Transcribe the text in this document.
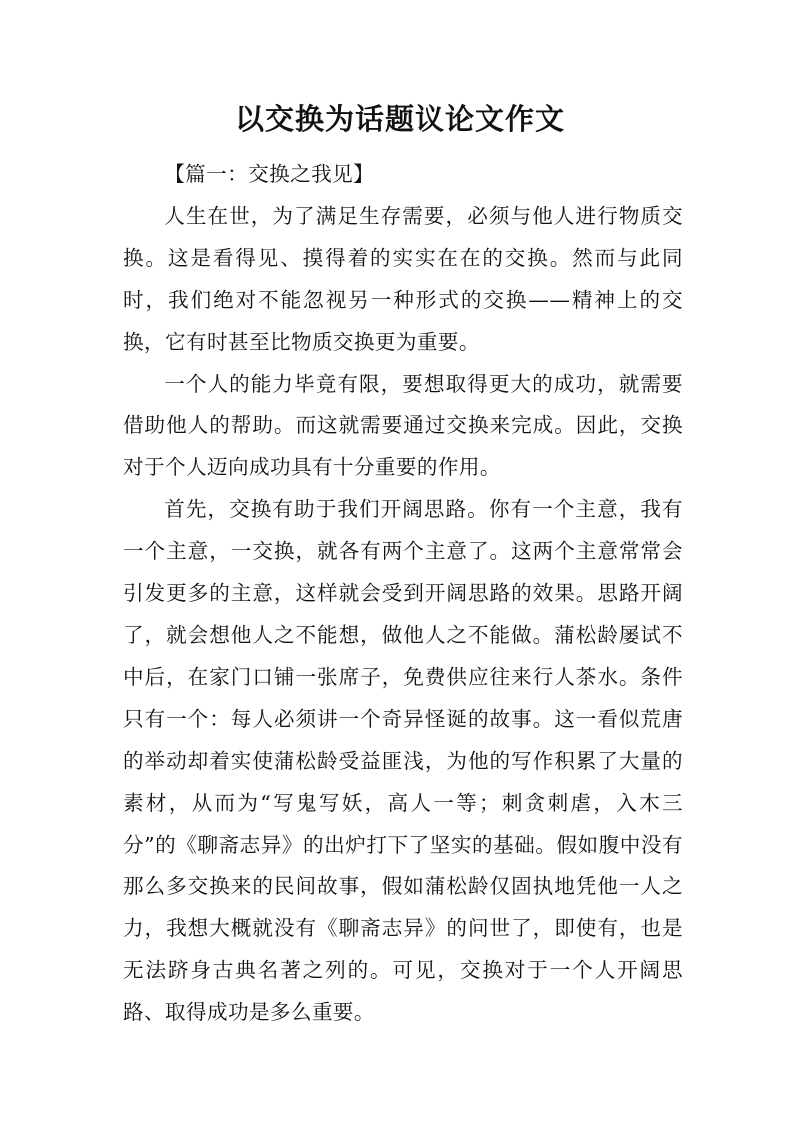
以交换为话题议论文作文

【篇一：交换之我见】

人生在世，为了满足生存需要，必须与他人进行物质交换。这是看得见、摸得着的实实在在的交换。然而与此同时，我们绝对不能忽视另一种形式的交换——精神上的交换，它有时甚至比物质交换更为重要。

一个人的能力毕竟有限，要想取得更大的成功，就需要借助他人的帮助。而这就需要通过交换来完成。因此，交换对于个人迈向成功具有十分重要的作用。

首先，交换有助于我们开阔思路。你有一个主意，我有一个主意，一交换，就各有两个主意了。这两个主意常常会引发更多的主意，这样就会受到开阔思路的效果。思路开阔了，就会想他人之不能想，做他人之不能做。蒲松龄屡试不中后，在家门口铺一张席子，免费供应往来行人茶水。条件只有一个：每人必须讲一个奇异怪诞的故事。这一看似荒唐的举动却着实使蒲松龄受益匪浅，为他的写作积累了大量的素材，从而为“写鬼写妖，高人一等；刺贪刺虐，入木三分”的《聊斋志异》的出炉打下了坚实的基础。假如腹中没有那么多交换来的民间故事，假如蒲松龄仅固执地凭他一人之力，我想大概就没有《聊斋志异》的问世了，即使有，也是无法跻身古典名著之列的。可见，交换对于一个人开阔思路、取得成功是多么重要。
